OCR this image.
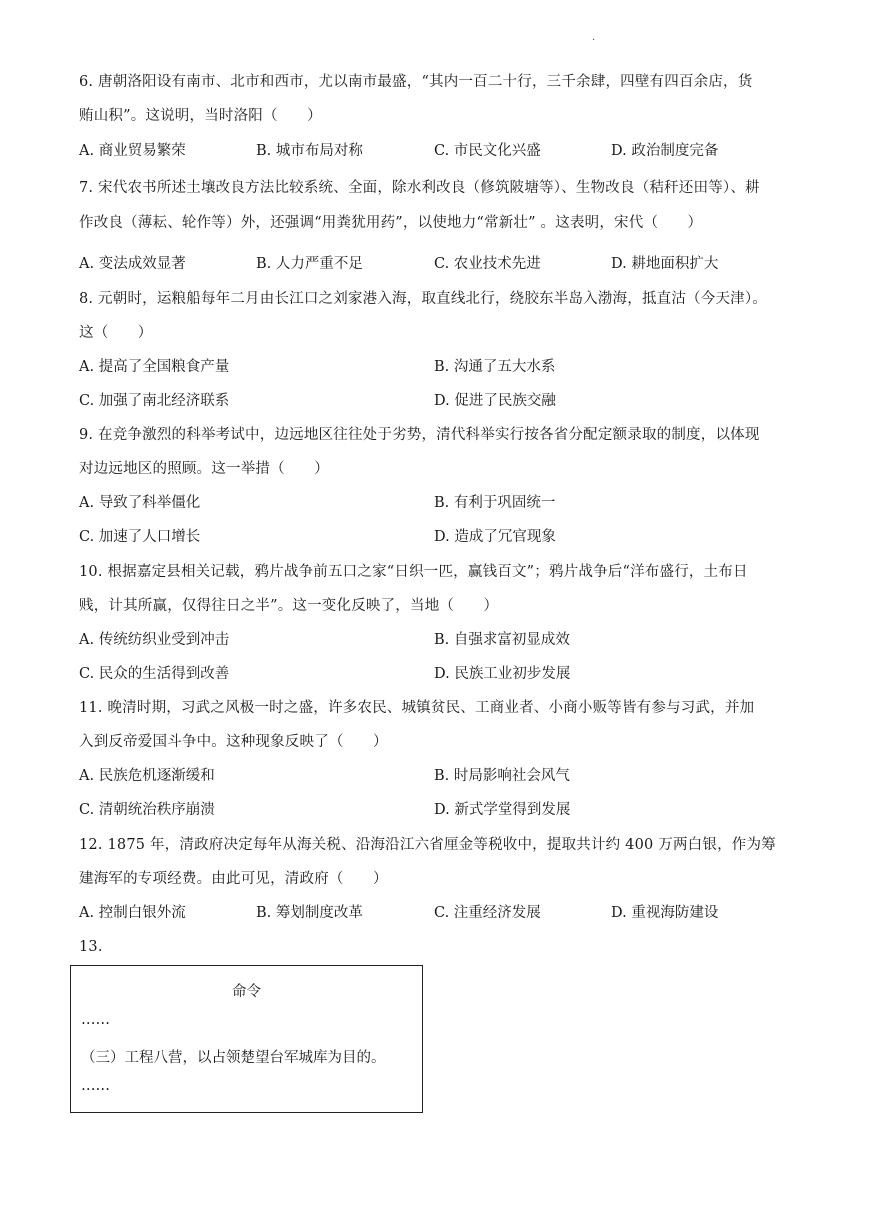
.
6. 唐朝洛阳设有南市、北市和西市，尤以南市最盛，“其内一百二十行，三千余肆，四壁有四百余店，货
贿山积”。这说明，当时洛阳（　　）
A. 商业贸易繁荣	B. 城市布局对称	C. 市民文化兴盛	D. 政治制度完备
7. 宋代农书所述土壤改良方法比较系统、全面，除水利改良（修筑陂塘等）、生物改良（秸秆还田等）、耕
作改良（薄耘、轮作等）外，还强调“用粪犹用药”，以使地力“常新壮” 。这表明，宋代（　　）
A. 变法成效显著	B. 人力严重不足	C. 农业技术先进	D. 耕地面积扩大
8. 元朝时，运粮船每年二月由长江口之刘家港入海，取直线北行，绕胶东半岛入渤海，抵直沽（今天津）。
这（　　）
A. 提高了全国粮食产量	B. 沟通了五大水系
C. 加强了南北经济联系	D. 促进了民族交融
9. 在竞争激烈的科举考试中，边远地区往往处于劣势，清代科举实行按各省分配定额录取的制度，以体现
对边远地区的照顾。这一举措（　　）
A. 导致了科举僵化	B. 有利于巩固统一
C. 加速了人口增长	D. 造成了冗官现象
10. 根据嘉定县相关记载，鸦片战争前五口之家“日织一匹，赢钱百文”；鸦片战争后“洋布盛行，土布日
贱，计其所赢，仅得往日之半”。这一变化反映了，当地（　　）
A. 传统纺织业受到冲击	B. 自强求富初显成效
C. 民众的生活得到改善	D. 民族工业初步发展
11. 晚清时期，习武之风极一时之盛，许多农民、城镇贫民、工商业者、小商小贩等皆有参与习武，并加
入到反帝爱国斗争中。这种现象反映了（　　）
A. 民族危机逐渐缓和	B. 时局影响社会风气
C. 清朝统治秩序崩溃	D. 新式学堂得到发展
12. 1875 年，清政府决定每年从海关税、沿海沿江六省厘金等税收中，提取共计约 400 万两白银，作为筹
建海军的专项经费。由此可见，清政府（　　）
A. 控制白银外流	B. 筹划制度改革	C. 注重经济发展	D. 重视海防建设
13.
命令
……
（三）工程八营，以占领楚望台军城库为目的。
……
